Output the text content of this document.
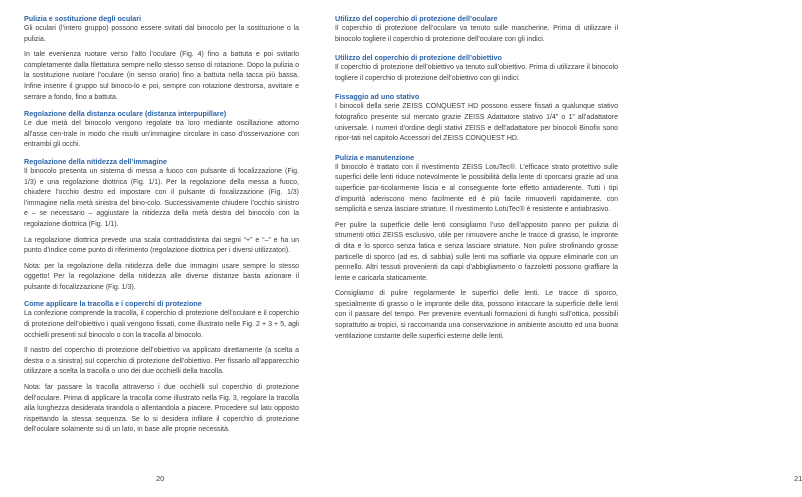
Pulizia e sostituzione degli oculari

Gli oculari (l’intero gruppo) possono essere svitati dal binocolo per la sostituzione o la pulizia.

In tale evenienza ruotare verso l’alto l’oculare (Fig. 4) fino a battuta e poi svitarlo completamente dalla filettatura sempre nello stesso senso di rotazione. Dopo la pulizia o la sostituzione ruotare l’oculare (in senso orario) fino a battuta nella tacca più bassa. Infine inserire il gruppo sul binoco-lo e poi, sempre con rotazione destrorsa, avvitare e serrare a fondo, fino a battuta.

Regolazione della distanza oculare (distanza interpupillare)

Le due metà del binocolo vengono regolate tra loro mediante oscillazione attorno all’asse cen-trale in modo che risulti un’immagine circolare in caso d’osservazione con entrambi gli occhi.

Regolazione della nitidezza dell’immagine

Il binocolo presenta un sistema di messa a fuoco con pulsante di focalizzazione (Fig. 1/3) e una regolazione diottrica (Fig. 1/1). Per la regolazione della messa a fuoco, chiudere l’occhio destro ed impostare con il pulsante di focalizzazione (Fig. 1/3) l’immagine nella metà sinistra del bino-colo. Successivamente chiudere l’occhio sinistro e – se necessario – aggiustare la nitidezza della metà destra del binocolo con la regolazione diottrica (Fig. 1/1).

La regolazione diottrica prevede una scala contraddistinta dai segni “+” e “–” e ha un punto d’indice come punto di riferimento (regolazione diottrica per i diversi utilizzatori).

Nota: per la regolazione della nitidezza delle due immagini usare sempre lo stesso oggetto! Per la regolazione della nitidezza alle diverse distanze basta azionare il pulsante di focalizzazione (Fig. 1/3).

Come applicare la tracolla e i coperchi di protezione

La confezione comprende la tracolla, il coperchio di protezione dell’oculare e il coperchio di protezione dell’obiettivo i quali vengono fissati, come illustrato nelle Fig. 2 + 3 + 5, agli occhielli presenti sul binocolo o con la tracolla al binocolo.

Il nastro del coperchio di protezione dell’obiettivo va applicato direttamente (a scelta a destra o a sinistra) sul coperchio di protezione dell’obiettivo. Per fissarlo all’apparecchio utilizzare a scelta la tracolla o uno dei due occhielli della tracolla.

Nota: far passare la tracolla attraverso i due occhielli sul coperchio di protezione dell’oculare. Prima di applicare la tracolla come illustrato nella Fig. 3, regolare la tracolla alla lunghezza desiderata tirandola o allentandola a piacere. Procedere sul lato opposto rispettando la stessa sequenza. Se lo si desidera infilare il coperchio di protezione dell’oculare solamente su di un lato, in base alle proprie necessità.

20
Utilizzo del coperchio di protezione dell’oculare

Il coperchio di protezione dell’oculare va tenuto sulle mascherine. Prima di utilizzare il binocolo togliere il coperchio di protezione dell’oculare con gli indici.

Utilizzo del coperchio di protezione dell’obiettivo

Il coperchio di protezione dell’obiettivo va tenuto sull’obiettivo. Prima di utilizzare il binocolo togliere il coperchio di protezione dell’obiettivo con gli indici.

Fissaggio ad uno stativo

I binocoli della serie ZEISS CONQUEST HD possono essere fissati a qualunque stativo fotografico presente sul mercato grazie ZEISS Adattatore stativo 1/4” o 1” all’adattatore universale. I numeri d’ordine degli stativi ZEISS e dell’adattatore per binocoli Binofix sono ripor-tati nel capitolo Accessori del ZEISS CONQUEST HD.

Pulizia e manutenzione

Il binocolo è trattato con il rivestimento ZEISS LotuTec®. L’efficace strato protettivo sulle superfici delle lenti riduce notevolmente le possibilità della lente di sporcarsi grazie ad una superficie par-ticolarmente liscia e al conseguente forte effetto antiaderente. Tutti i tipi d’impurità aderiscono meno facilmente ed è più facile rimuoverli rapidamente, con semplicità e senza lasciare striature. Il rivestimento LotuTec® è resistente e antiabrasivo.

Per pulire la superficie delle lenti consigliamo l’uso dell’apposito panno per pulizia di strumenti ottici ZEISS esclusivo, utile per rimuovere anche le tracce di grasso, le impronte di dita e lo sporco senza fatica e senza lasciare striature. Non pulire strofinando grosse particelle di sporco (ad es. di sabbia) sulle lenti ma soffiarle via oppure eliminarle con un pennello. Altri tessuti provenienti da capi d’abbigliamento o fazzoletti possono graffiare la lente e caricarla staticamente.

Consigliamo di pulire regolarmente le superfici delle lenti. Le tracce di sporco, specialmente di grasso o le impronte delle dita, possono intaccare la superficie delle lenti con il passare del tempo. Per prevenire eventuali formazioni di funghi sull’ottica, possibili soprattutto ai tropici, si raccomanda una conservazione in ambiente asciutto ed una buona ventilazione costante delle superfici esterne delle lenti.

21
